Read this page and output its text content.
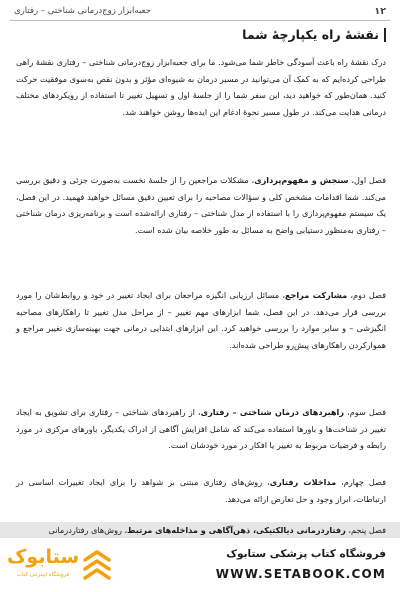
۱۲
جعبه‌ابزار زوج‌درمانی شناختی – رفتاری
نقشهٔ راه یکپارچهٔ شما

درک نقشهٔ راه باعث آسودگی خاطر شما می‌شود. ما برای جعبه‌ابزار زوج‌درمانی شناختی – رفتاری نقشهٔ راهی طراحی کرده‌ایم که به کمک آن می‌توانید در مسیر درمان به شیوه‌ای مؤثر و بدون نقص به‌سوی موفقیت حرکت کنید. همان‌طور که خواهید دید، این سفر شما را از جلسهٔ اول و تسهیل تغییر تا استفاده از رویکردهای مختلف درمانی هدایت می‌کند. در طول مسیر نحوهٔ ادغام این ایده‌ها روشن خواهند شد.

فصل اول، سنجش و مفهوم‌پردازی، مشکلات مراجعین را از جلسهٔ نخست به‌صورت جزئی و دقیق بررسی می‌کند. شما اقدامات مشخص کلی و سؤالات مصاحبه را برای تعیین دقیق مسائل خواهید فهمید. در این فصل، یک سیستم مفهوم‌پردازی را با استفاده از مدل شناختی – رفتاری ارائه‌شده است و برنامه‌ریزی درمان شناختی – رفتاری به‌منظور دستیابی واضح به مسائل به طور خلاصه بیان شده است.

فصل دوم، مشارکت مراجع، مسائل ارزیابی انگیزه مراجعان برای ایجاد تغییر در خود و روابط‌شان را مورد بررسی قرار می‌دهد. در این فصل، شما ابزارهای مهم تغییر – از مراحل مدل تغییر تا راهکارهای مصاحبه انگیزشی – و سایر موارد را بررسی خواهید کرد. این ابزارهای ابتدایی درمانی جهت بهینه‌سازی تغییر مراجع و هموارکردن راهکارهای پیش‌رو طراحی شده‌اند.

فصل سوم، راهبردهای درمان شناختی – رفتاری، از راهبردهای شناختی – رفتاری برای تشویق به ایجاد تغییر در شناخت‌ها و باورها استفاده می‌کند که شامل افزایش آگاهی از ادراک یکدیگر، باورهای مرکزی در مورد رابطه و فرضیات مربوط به تغییر یا افکار در مورد خودشان است.

فصل چهارم، مداخلات رفتاری، روش‌های رفتاری مبتنی بر شواهد را برای ایجاد تغییرات اساسی در ارتباطات، ابراز وجود و حل تعارض ارائه می‌دهد.

فصل پنجم، رفتاردرمانی دیالکتیکی، ذهن‌آگاهی و مداخله‌های مرتبط، روش‌های رفتاردرمانی

ستابوک
فروشگاه اینترنتی کتاب
فروشگاه کتاب پزشکی ستابوک
WWW.SETABOOK.COM
